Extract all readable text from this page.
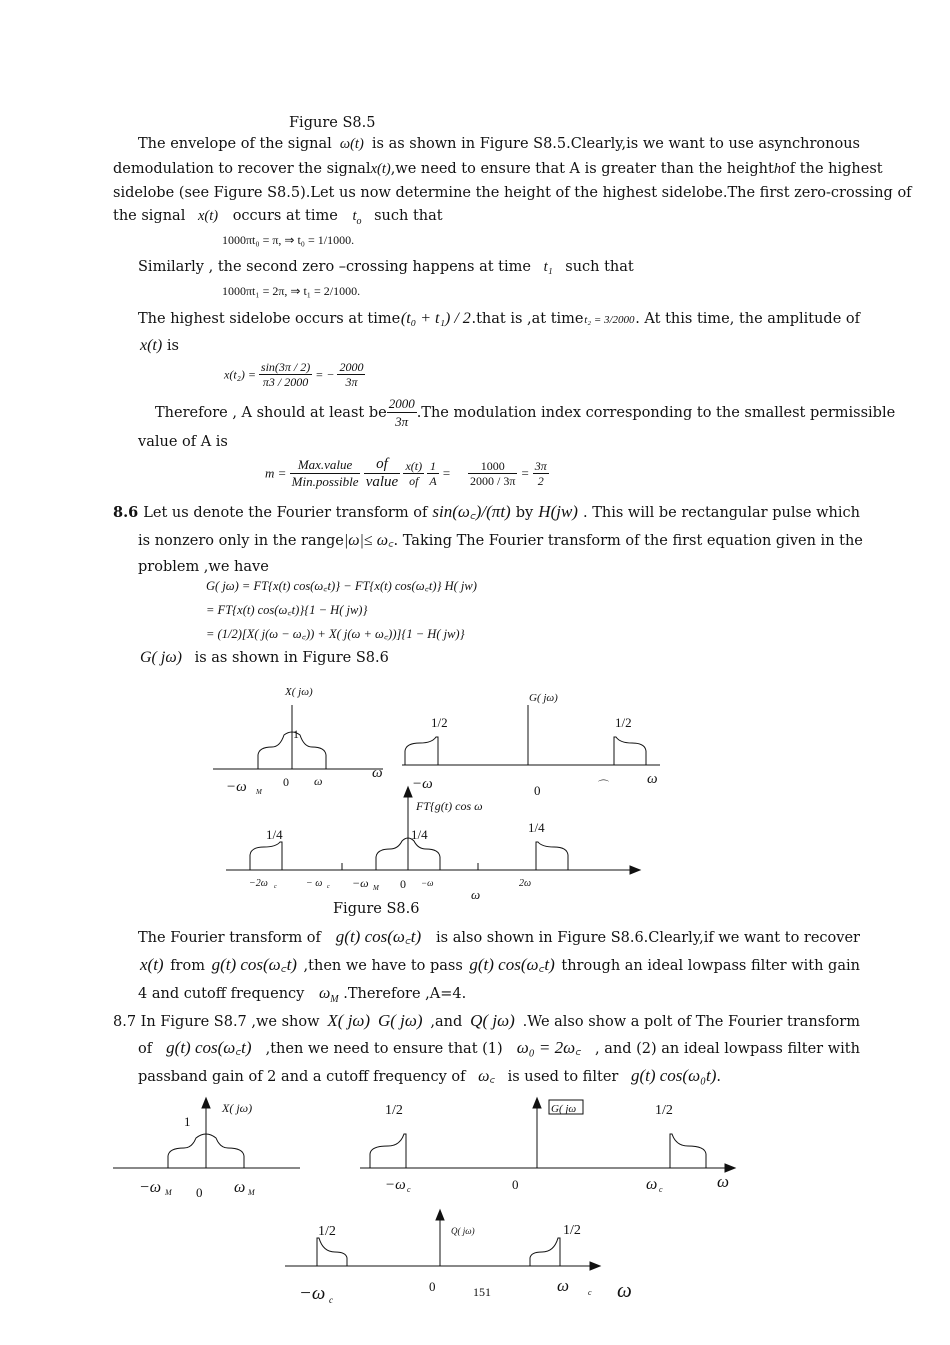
Figure S8.5
The envelope of the signal ω(t) is as shown in Figure S8.5.Clearly,is we want to use asynchronous
demodulation to recover the signal x(t) ,we need to ensure that A is greater than the height h of the highest
sidelobe (see Figure S8.5).Let us now determine the height of the highest sidelobe.The first zero-crossing of
the signal x(t) occurs at time $t_o$ such that
1000πt₀ = π, ⇒ t₀ = 1/1000.
Similarly , the second zero –crossing happens at time t₁ such that
1000πt₁ = 2π, ⇒ t₁ = 2/1000.
The highest sidelobe occurs at time (t₀ + t₁) / 2 .that is ,at time t₂ = 3/2000 . At this time, the amplitude of
x(t) is
$x(t_2) = \frac{\sin(3\pi / 2)}{\pi 3 / 2000}$ = − $\frac{2000}{3\pi}$
Therefore , A should at least be $\frac{2000}{3\pi} .The$ modulation index corresponding to the smallest permissible
value of A is
m =
Max.value
Min.possible

of
value
$\frac{x(t)}{of}$
$\frac{1}{A} = \frac{1000}{2000 / 3\pi} = \frac{3\pi}{2}$
8.6 Let us denote the Fourier transform of sin(ω꜀)/(πt) by H(jw) . This will be rectangular pulse which
is nonzero only in the range |ω|≤ ω꜀ . Taking The Fourier transform of the first equation given in the
problem ,we have
G( jω) = FT{x(t) cos(ω꜀t)} − FT{x(t) cos(ω꜀t)} H( jw)
= FT{x(t) cos(ω꜀t)}{1 − H( jw)}
= (1/2)[X( j(ω − ω꜀)) + X( j(ω + ω꜀))]{1 − H( jw)}
G( jω) is as shown in Figure S8.6
X( jω)
1
−ω M
0 ω	ω
G( jω)
1/2	1/2
−ω	0	⌒	ω
FT{g(t) cos ω
1/4	1/4	1/4
−2ω c	− ω c −ω M 0 −ω	2ω
ω
Figure S8.6
The Fourier transform of g(t) cos(ω꜀t) is also shown in Figure S8.6.Clearly,if we want to recover
x(t) from g(t) cos(ω꜀t) ,then we have to pass g(t) cos(ω꜀t) through an ideal lowpass filter with gain
4 and cutoff frequency $\omega_M$ .Therefore ,A=4.
8.7 In Figure S8.7 ,we show X( jω) G( jω) ,and Q( jω) .We also show a polt of The Fourier transform
of g(t) cos(ω꜀t) ,then we need to ensure that (1) ω₀ = 2ω꜀ , and (2) an ideal lowpass filter with
passband gain of 2 and a cutoff frequency of ω꜀ is used to filter g(t) cos(ω₀t).
X( jω)
1
−ω M 0 ω M
1/2	G( jω	1/2
−ω c	0	ω c	ω
Q( jω)
1/2	1/2
−ω c
0	151	ω c ω
